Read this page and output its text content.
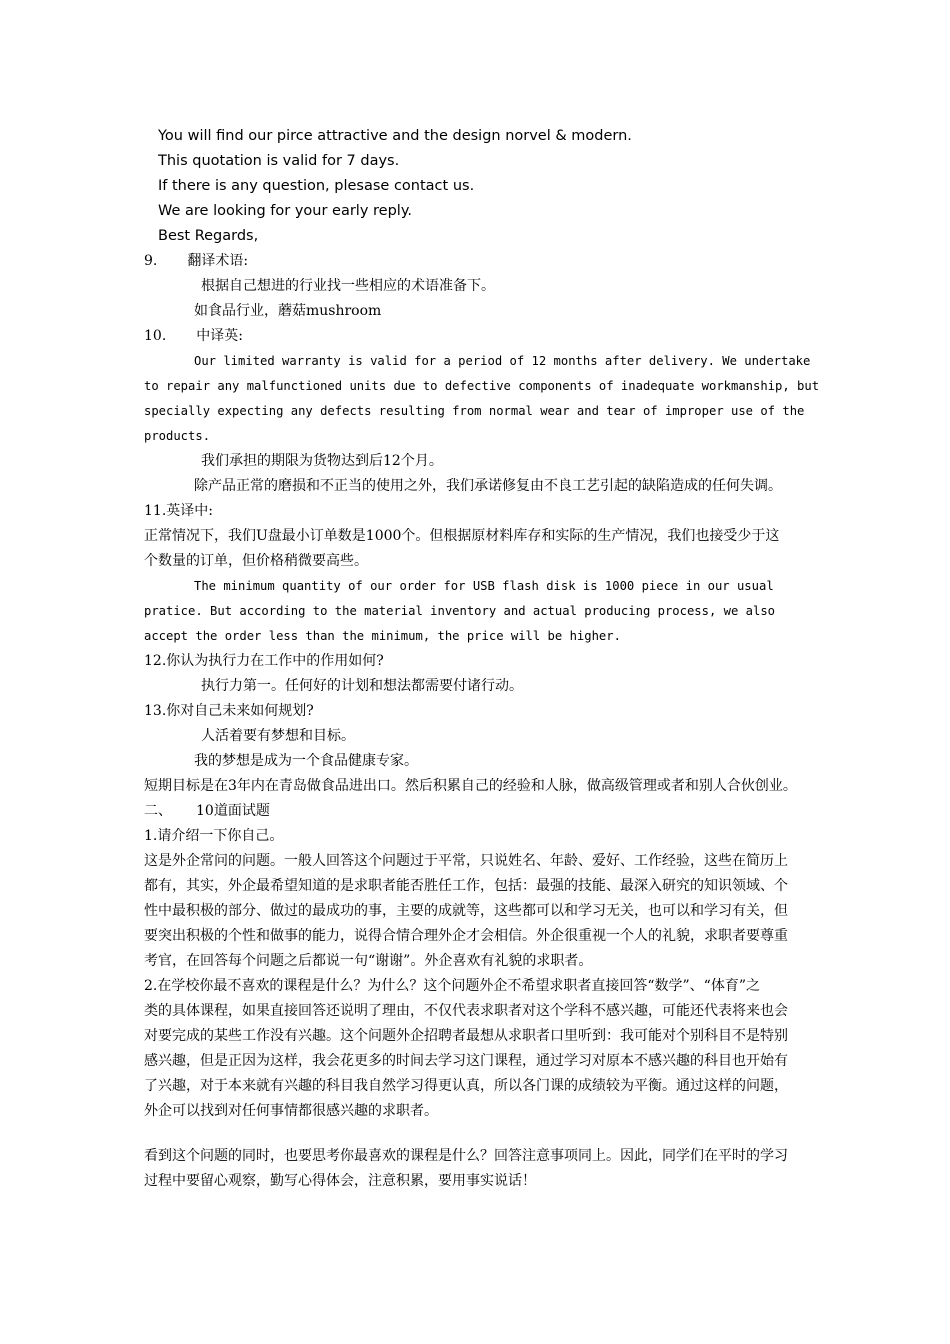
You will find our pirce attractive and the design norvel & modern.
This quotation is valid for 7 days.
If there is any question, plesase contact us.
We are looking for your early reply.
Best Regards,
9. 翻译术语:
根据自己想进的行业找一些相应的术语准备下。
如食品行业，蘑菇mushroom
10. 中译英:
Our limited warranty is valid for a period of 12 months after delivery. We undertake
to repair any malfunctioned units due to defective components of inadequate workmanship, but
specially expecting any defects resulting from normal wear and tear of improper use of the
products.
我们承担的期限为货物达到后12个月。
除产品正常的磨损和不正当的使用之外，我们承诺修复由不良工艺引起的缺陷造成的任何失调。
11.英译中:
正常情况下，我们U盘最小订单数是1000个。但根据原材料库存和实际的生产情况，我们也接受少于这
个数量的订单，但价格稍微要高些。
The minimum quantity of our order for USB flash disk is 1000 piece in our usual
pratice. But according to the material inventory and actual producing process, we also
accept the order less than the minimum, the price will be higher.
12.你认为执行力在工作中的作用如何?
执行力第一。任何好的计划和想法都需要付诸行动。
13.你对自己未来如何规划?
人活着要有梦想和目标。
我的梦想是成为一个食品健康专家。
短期目标是在3年内在青岛做食品进出口。然后积累自己的经验和人脉，做高级管理或者和别人合伙创业。
二、 10道面试题
1.请介绍一下你自己。
这是外企常问的问题。一般人回答这个问题过于平常，只说姓名、年龄、爱好、工作经验，这些在简历上
都有，其实，外企最希望知道的是求职者能否胜任工作，包括：最强的技能、最深入研究的知识领域、个
性中最积极的部分、做过的最成功的事，主要的成就等，这些都可以和学习无关，也可以和学习有关，但
要突出积极的个性和做事的能力，说得合情合理外企才会相信。外企很重视一个人的礼貌，求职者要尊重
考官，在回答每个问题之后都说一句“谢谢”。外企喜欢有礼貌的求职者。
2.在学校你最不喜欢的课程是什么？为什么？这个问题外企不希望求职者直接回答“数学”、“体育”之
类的具体课程，如果直接回答还说明了理由，不仅代表求职者对这个学科不感兴趣，可能还代表将来也会
对要完成的某些工作没有兴趣。这个问题外企招聘者最想从求职者口里听到：我可能对个别科目不是特别
感兴趣，但是正因为这样，我会花更多的时间去学习这门课程，通过学习对原本不感兴趣的科目也开始有
了兴趣，对于本来就有兴趣的科目我自然学习得更认真，所以各门课的成绩较为平衡。通过这样的问题，
外企可以找到对任何事情都很感兴趣的求职者。
看到这个问题的同时，也要思考你最喜欢的课程是什么？回答注意事项同上。因此，同学们在平时的学习
过程中要留心观察，勤写心得体会，注意积累，要用事实说话！
